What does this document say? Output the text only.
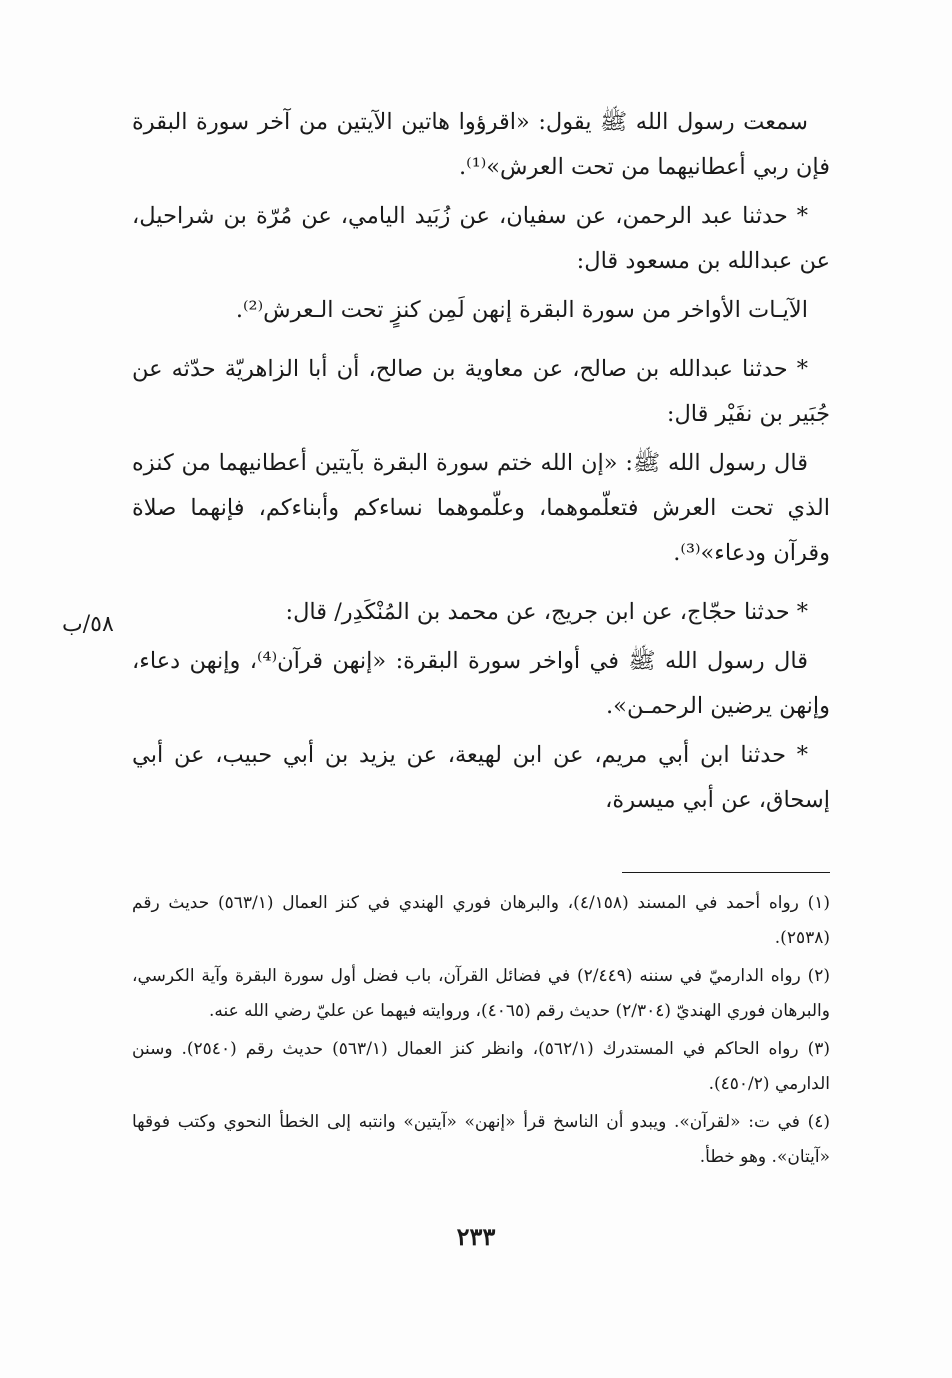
سمعت رسول الله ﷺ يقول: «اقرؤوا هاتين الآيتين من آخر سورة البقرة فإن ربي أعطانيهما من تحت العرش»⁽¹⁾.

* حدثنا عبد الرحمن، عن سفيان، عن زُبَيد اليامي، عن مُرّة بن شراحيل، عن عبدالله بن مسعود قال:

الآيـات الأواخر من سورة البقرة إنهن لَمِن كنزٍ تحت الـعرش⁽²⁾.

* حدثنا عبدالله بن صالح، عن معاوية بن صالح، أن أبا الزاهريّة حدّثه عن جُبَير بن نفَيْر قال:

قال رسول الله ﷺ: «إن الله ختم سورة البقرة بآيتين أعطانيهما من كنزه الذي تحت العرش فتعلّموهما، وعلّموهما نساءكم وأبناءكم، فإنهما صلاة وقرآن ودعاء»⁽³⁾.

* حدثنا حجّاج، عن ابن جريج، عن محمد بن المُنْكَدِر/ قال:

قال رسول الله ﷺ في أواخر سورة البقرة: «إنهن قرآن⁽⁴⁾، وإنهن دعاء، وإنهن يرضين الرحمـن».

* حدثنا ابن أبي مريم، عن ابن لهيعة، عن يزيد بن أبي حبيب، عن أبي إسحاق، عن أبي ميسرة،

٥٨/ب
(١) رواه أحمد في المسند (٤/١٥٨)، والبرهان فوري الهندي في كنز العمال (٥٦٣/١) حديث رقم (٢٥٣٨).
(٢) رواه الدارميّ في سننه (٢/٤٤٩) في فضائل القرآن، باب فضل أول سورة البقرة وآية الكرسي، والبرهان فوري الهنديّ (٢/٣٠٤) حديث رقم (٤٠٦٥)، وروايته فيهما عن عليّ رضي الله عنه.
(٣) رواه الحاكم في المستدرك (٥٦٢/١)، وانظر كنز العمال (٥٦٣/١) حديث رقم (٢٥٤٠). وسنن الدارمي (٤٥٠/٢).
(٤) في ت: «لقرآن». ويبدو أن الناسخ قرأ «إنهن» «آيتين» وانتبه إلى الخطأ النحوي وكتب فوقها «آيتان». وهو خطأ.
٢٣٣
